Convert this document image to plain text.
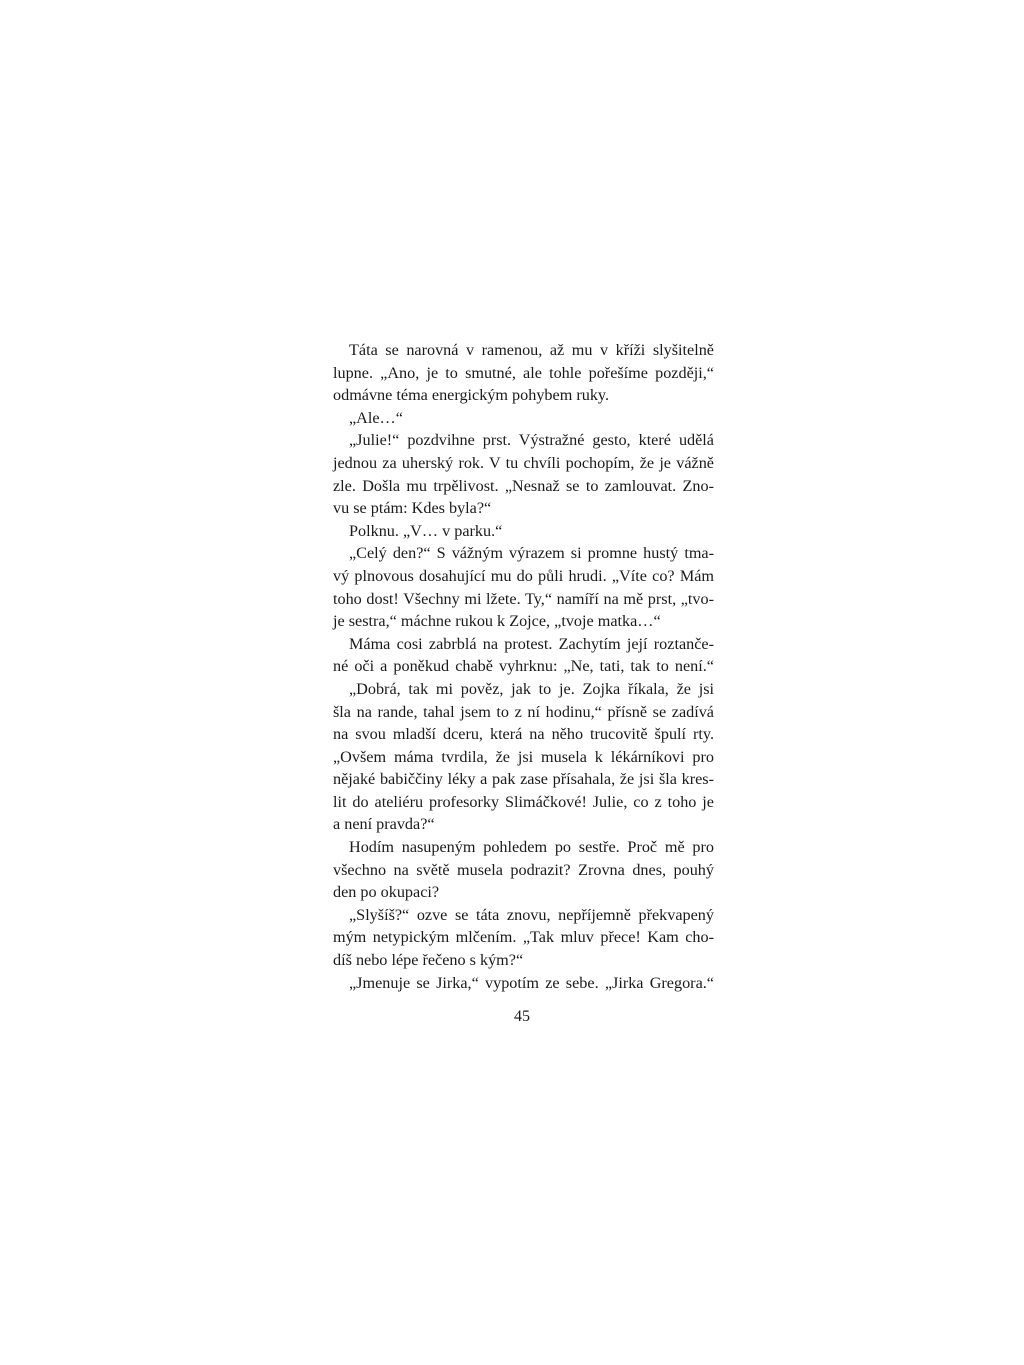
Táta se narovná v ramenou, až mu v kříži slyšitelně
lupne. „Ano, je to smutné, ale tohle pořešíme později,“
odmávne téma energickým pohybem ruky.
„Ale…“
„Julie!“ pozdvihne prst. Výstražné gesto, které udělá
jednou za uherský rok. V tu chvíli pochopím, že je vážně
zle. Došla mu trpělivost. „Nesnaž se to zamlouvat. Zno-
vu se ptám: Kdes byla?“
Polknu. „V… v parku.“
„Celý den?“ S vážným výrazem si promne hustý tma-
vý plnovous dosahující mu do půli hrudi. „Víte co? Mám
toho dost! Všechny mi lžete. Ty,“ namíří na mě prst, „tvo-
je sestra,“ máchne rukou k Zojce, „tvoje matka…“
Máma cosi zabrblá na protest. Zachytím její roztanče-
né oči a poněkud chabě vyhrknu: „Ne, tati, tak to není.“
„Dobrá, tak mi pověz, jak to je. Zojka říkala, že jsi
šla na rande, tahal jsem to z ní hodinu,“ přísně se zadívá
na svou mladší dceru, která na něho trucovitě špulí rty.
„Ovšem máma tvrdila, že jsi musela k lékárníkovi pro
nějaké babiččiny léky a pak zase přísahala, že jsi šla kres-
lit do ateliéru profesorky Slimáčkové! Julie, co z toho je
a není pravda?“
Hodím nasupeným pohledem po sestře. Proč mě pro
všechno na světě musela podrazit? Zrovna dnes, pouhý
den po okupaci?
„Slyšíš?“ ozve se táta znovu, nepříjemně překvapený
mým netypickým mlčením. „Tak mluv přece! Kam cho-
díš nebo lépe řečeno s kým?“
„Jmenuje se Jirka,“ vypotím ze sebe. „Jirka Gregora.“
45
